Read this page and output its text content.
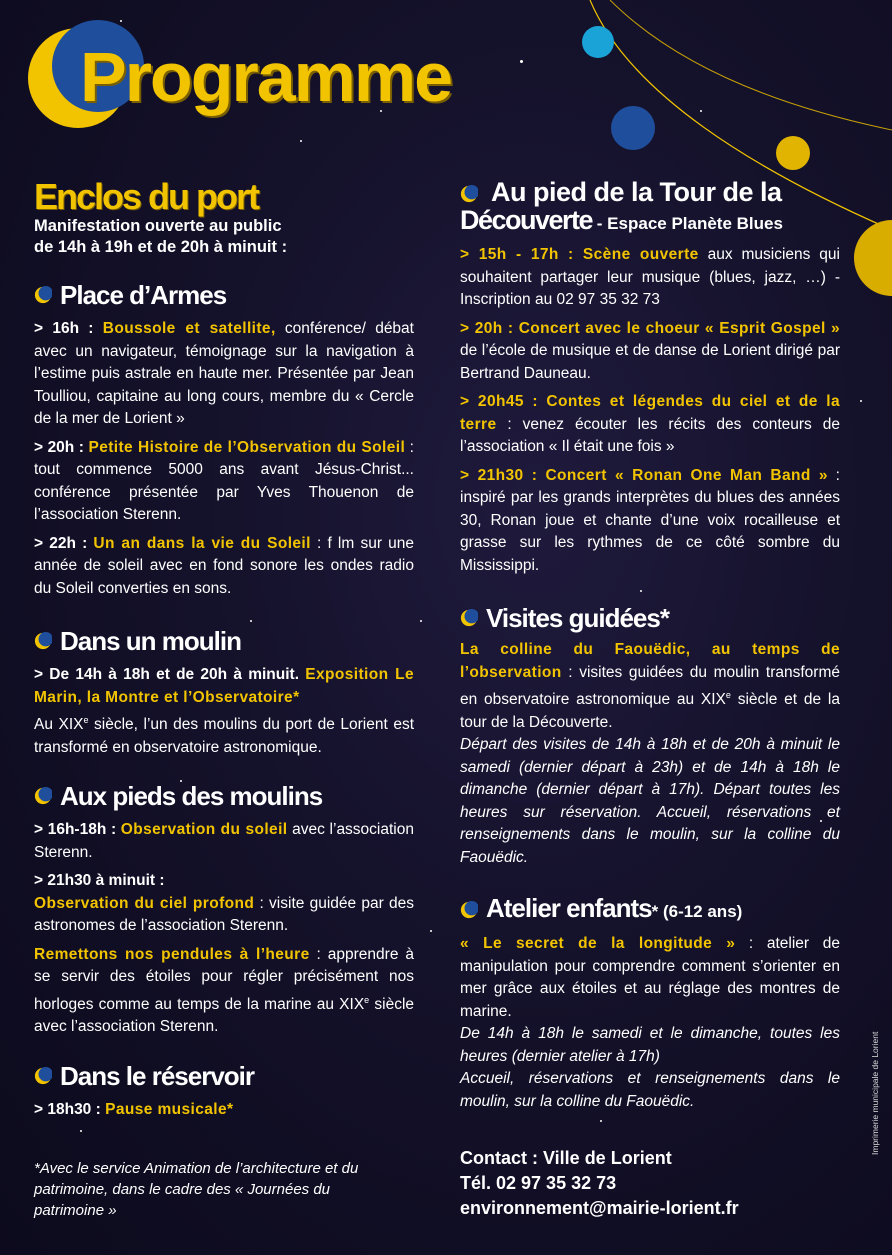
Programme
Enclos du port

Manifestation ouverte au public

de 14h à 19h et de 20h à minuit :

Place d’Armes

> 16h : Boussole et satellite, conférence/ débat avec un navigateur, témoignage sur la navigation à l’estime puis astrale en haute mer. Présentée par Jean Toulliou, capitaine au long cours, membre du « Cercle de la mer de Lorient »

> 20h : Petite Histoire de l’Observation du Soleil : tout commence 5000 ans avant Jésus-Christ... conférence présentée par Yves Thouenon de l’association Sterenn.

> 22h : Un an dans la vie du Soleil : f lm sur une année de soleil avec en fond sonore les ondes radio du Soleil converties en sons.

Dans un moulin

> De 14h à 18h et de 20h à minuit. Exposition Le Marin, la Montre et l’Observatoire*
Au XIXe siècle, l’un des moulins du port de Lorient est transformé en observatoire astronomique.

Aux pieds des moulins

> 16h-18h : Observation du soleil avec l’association Sterenn.

> 21h30 à minuit :
Observation du ciel profond : visite guidée par des astronomes de l’association Sterenn.

Remettons nos pendules à l’heure : apprendre à se servir des étoiles pour régler précisément nos horloges comme au temps de la marine au XIXe siècle avec l’association Sterenn.

Dans le réservoir

> 18h30 : Pause musicale*

Au pied de la Tour de la
Découverte - Espace Planète Blues

> 15h - 17h : Scène ouverte aux musiciens qui souhaitent partager leur musique (blues, jazz, …) - Inscription au 02 97 35 32 73

> 20h : Concert avec le choeur « Esprit Gospel » de l’école de musique et de danse de Lorient dirigé par Bertrand Dauneau.

> 20h45 : Contes et légendes du ciel et de la terre : venez écouter les récits des conteurs de l’association « Il était une fois »

> 21h30 : Concert « Ronan One Man Band » : inspiré par les grands interprètes du blues des années 30, Ronan joue et chante d’une voix rocailleuse et grasse sur les rythmes de ce côté sombre du Mississippi.

Visites guidées*

La colline du Faouëdic, au temps de l’observation : visites guidées du moulin transformé en observatoire astronomique au XIXe siècle et de la tour de la Découverte.

Départ des visites de 14h à 18h et de 20h à minuit le samedi (dernier départ à 23h) et de 14h à 18h le dimanche (dernier départ à 17h). Départ toutes les heures sur réservation. Accueil, réservations et renseignements dans le moulin, sur la colline du Faouëdic.

Atelier enfants* (6-12 ans)

« Le secret de la longitude » : atelier de manipulation pour comprendre comment s’orienter en mer grâce aux étoiles et au réglage des montres de marine.

De 14h à 18h le samedi et le dimanche, toutes les heures (dernier atelier à 17h)

Accueil, réservations et renseignements dans le moulin, sur la colline du Faouëdic.

*Avec le service Animation de l’architecture et du patrimoine, dans le cadre des « Journées du patrimoine »
Contact : Ville de Lorient
Tél. 02 97 35 32 73
environnement@mairie-lorient.fr
Imprimerie municipale de Lorient
